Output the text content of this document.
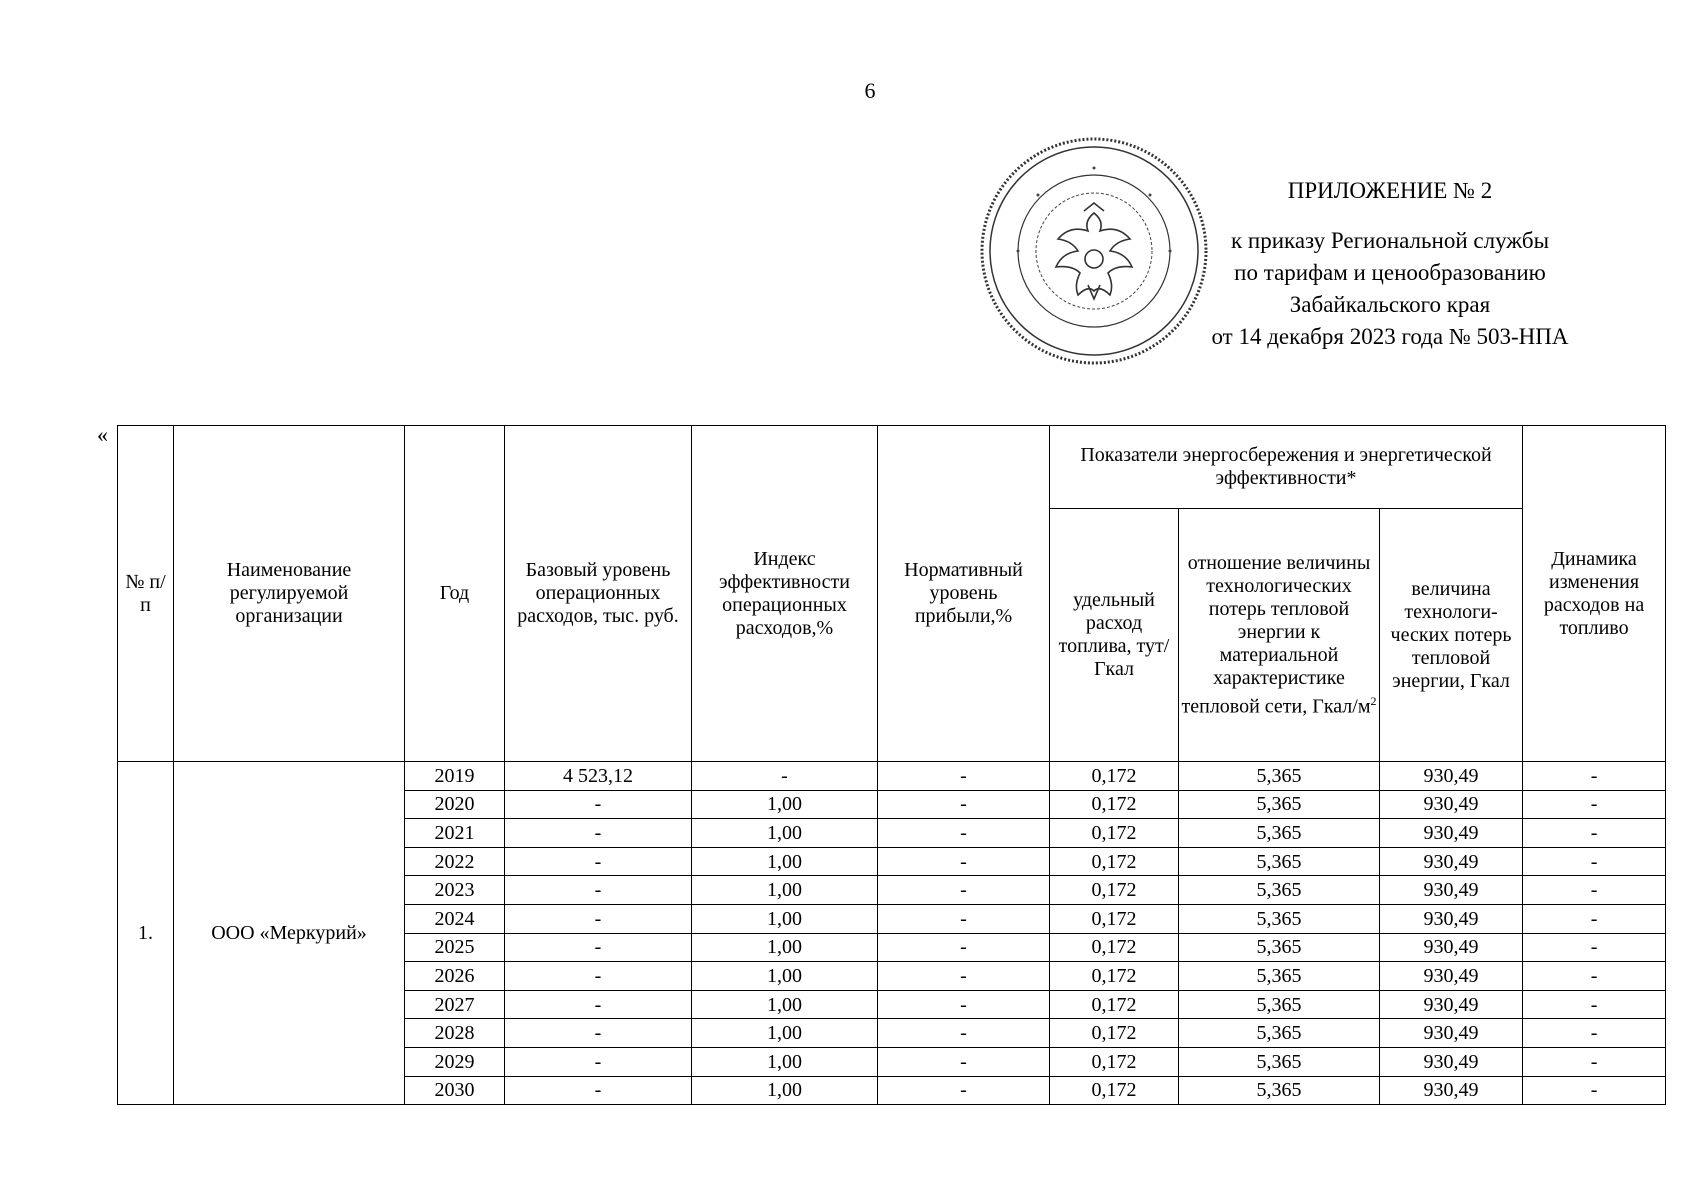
6
ПРИЛОЖЕНИЕ № 2
к приказу Региональной службы
по тарифам и ценообразованию
Забайкальского края
от 14 декабря 2023 года № 503-НПА
«
№ п/п	Наименование регулируемой организации	Год	Базовый уровень операционных расходов, тыс. руб.	Индекс эффективности операционных расходов,%	Нормативный уровень прибыли,%	Показатели энергосбережения и энергетической эффективности*			Динамика изменения расходов на топливо
						удельный расход топлива, тут/Гкал	отношение величины технологических потерь тепловой энергии к материальной характеристике тепловой сети, Гкал/$м^2$	величина технологи-ческих потерь тепловой энергии, Гкал	
1.	ООО «Меркурий»	2019	4 523,12	-	-	0,172	5,365	930,49	-
		2020	-	1,00	-	0,172	5,365	930,49	-
		2021	-	1,00	-	0,172	5,365	930,49	-
		2022	-	1,00	-	0,172	5,365	930,49	-
		2023	-	1,00	-	0,172	5,365	930,49	-
		2024	-	1,00	-	0,172	5,365	930,49	-
		2025	-	1,00	-	0,172	5,365	930,49	-
		2026	-	1,00	-	0,172	5,365	930,49	-
		2027	-	1,00	-	0,172	5,365	930,49	-
		2028	-	1,00	-	0,172	5,365	930,49	-
		2029	-	1,00	-	0,172	5,365	930,49	-
		2030	-	1,00	-	0,172	5,365	930,49	-
